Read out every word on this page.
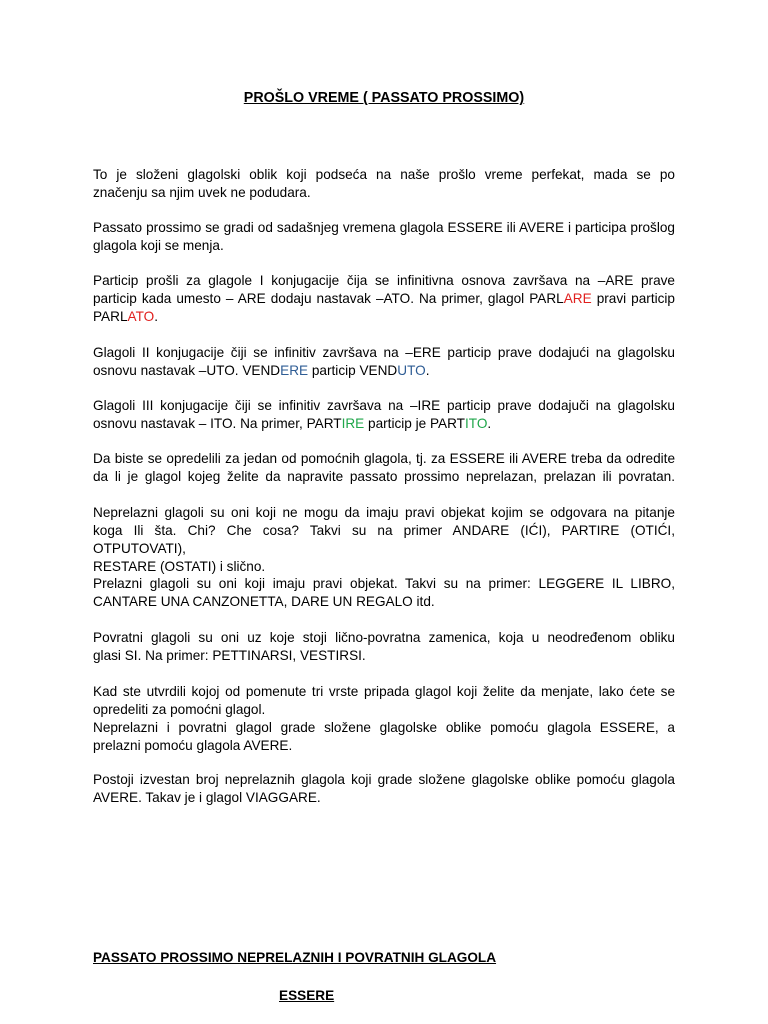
PROŠLO VREME ( PASSATO PROSSIMO)
To je složeni glagolski oblik koji podseća na naše prošlo vreme perfekat, mada se po
značenju sa njim uvek ne podudara.
Passato prossimo se gradi od sadašnjeg vremena glagola ESSERE ili AVERE i participa prošlog
glagola koji se menja.
Particip prošli za glagole I konjugacije čija se infinitivna osnova završava na –ARE prave
particip kada umesto – ARE dodaju nastavak –ATO. Na primer, glagol PARLARE pravi particip
PARLATO.
Glagoli II konjugacije čiji se infinitiv završava na –ERE particip prave dodajući na glagolsku
osnovu nastavak –UTO. VENDERE particip VENDUTO.
Glagoli III konjugacije čiji se infinitiv završava na –IRE particip prave dodajuči na glagolsku
osnovu nastavak – ITO. Na primer, PARTIRE particip je PARTITO.
Da biste se opredelili za jedan od pomoćnih glagola, tj. za ESSERE ili AVERE treba da odredite
da li je glagol kojeg želite da napravite passato prossimo neprelazan, prelazan ili povratan.
Neprelazni glagoli su oni koji ne mogu da imaju pravi objekat kojim se odgovara na pitanje
koga Ili šta. Chi? Che cosa? Takvi su na primer ANDARE (IĆI), PARTIRE (OTIĆI, OTPUTOVATI),
RESTARE (OSTATI) i slično.
Prelazni glagoli su oni koji imaju pravi objekat. Takvi su na primer: LEGGERE IL LIBRO,
CANTARE UNA CANZONETTA, DARE UN REGALO itd.
Povratni glagoli su oni uz koje stoji lično-povratna zamenica, koja u neodređenom obliku
glasi SI. Na primer: PETTINARSI, VESTIRSI.
Kad ste utvrdili kojoj od pomenute tri vrste pripada glagol koji želite da menjate, lako ćete se
opredeliti za pomoćni glagol.
Neprelazni i povratni glagol grade složene glagolske oblike pomoću glagola ESSERE, a
prelazni pomoću glagola AVERE.
Postoji izvestan broj neprelaznih glagola koji grade složene glagolske oblike pomoću glagola
AVERE. Takav je i glagol VIAGGARE.
PASSATO PROSSIMO NEPRELAZNIH I POVRATNIH GLAGOLA
ESSERE
